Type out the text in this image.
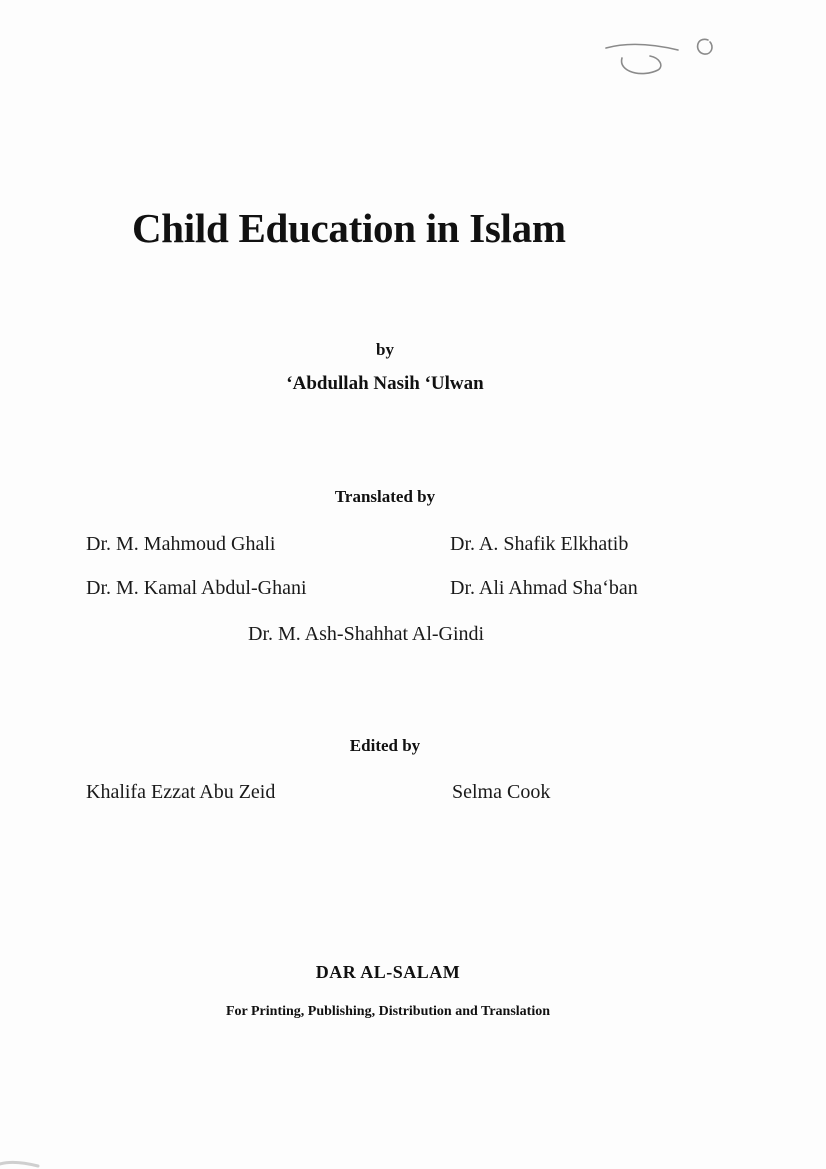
Child Education in Islam
by
‘Abdullah Nasih ‘Ulwan
Translated by
Dr. M. Mahmoud Ghali	Dr. A. Shafik Elkhatib
Dr. M. Kamal Abdul-Ghani	Dr. Ali Ahmad Sha‘ban
Dr. M. Ash-Shahhat Al-Gindi
Edited by
Khalifa Ezzat Abu Zeid	Selma Cook
DAR AL-SALAM
For Printing, Publishing, Distribution and Translation
